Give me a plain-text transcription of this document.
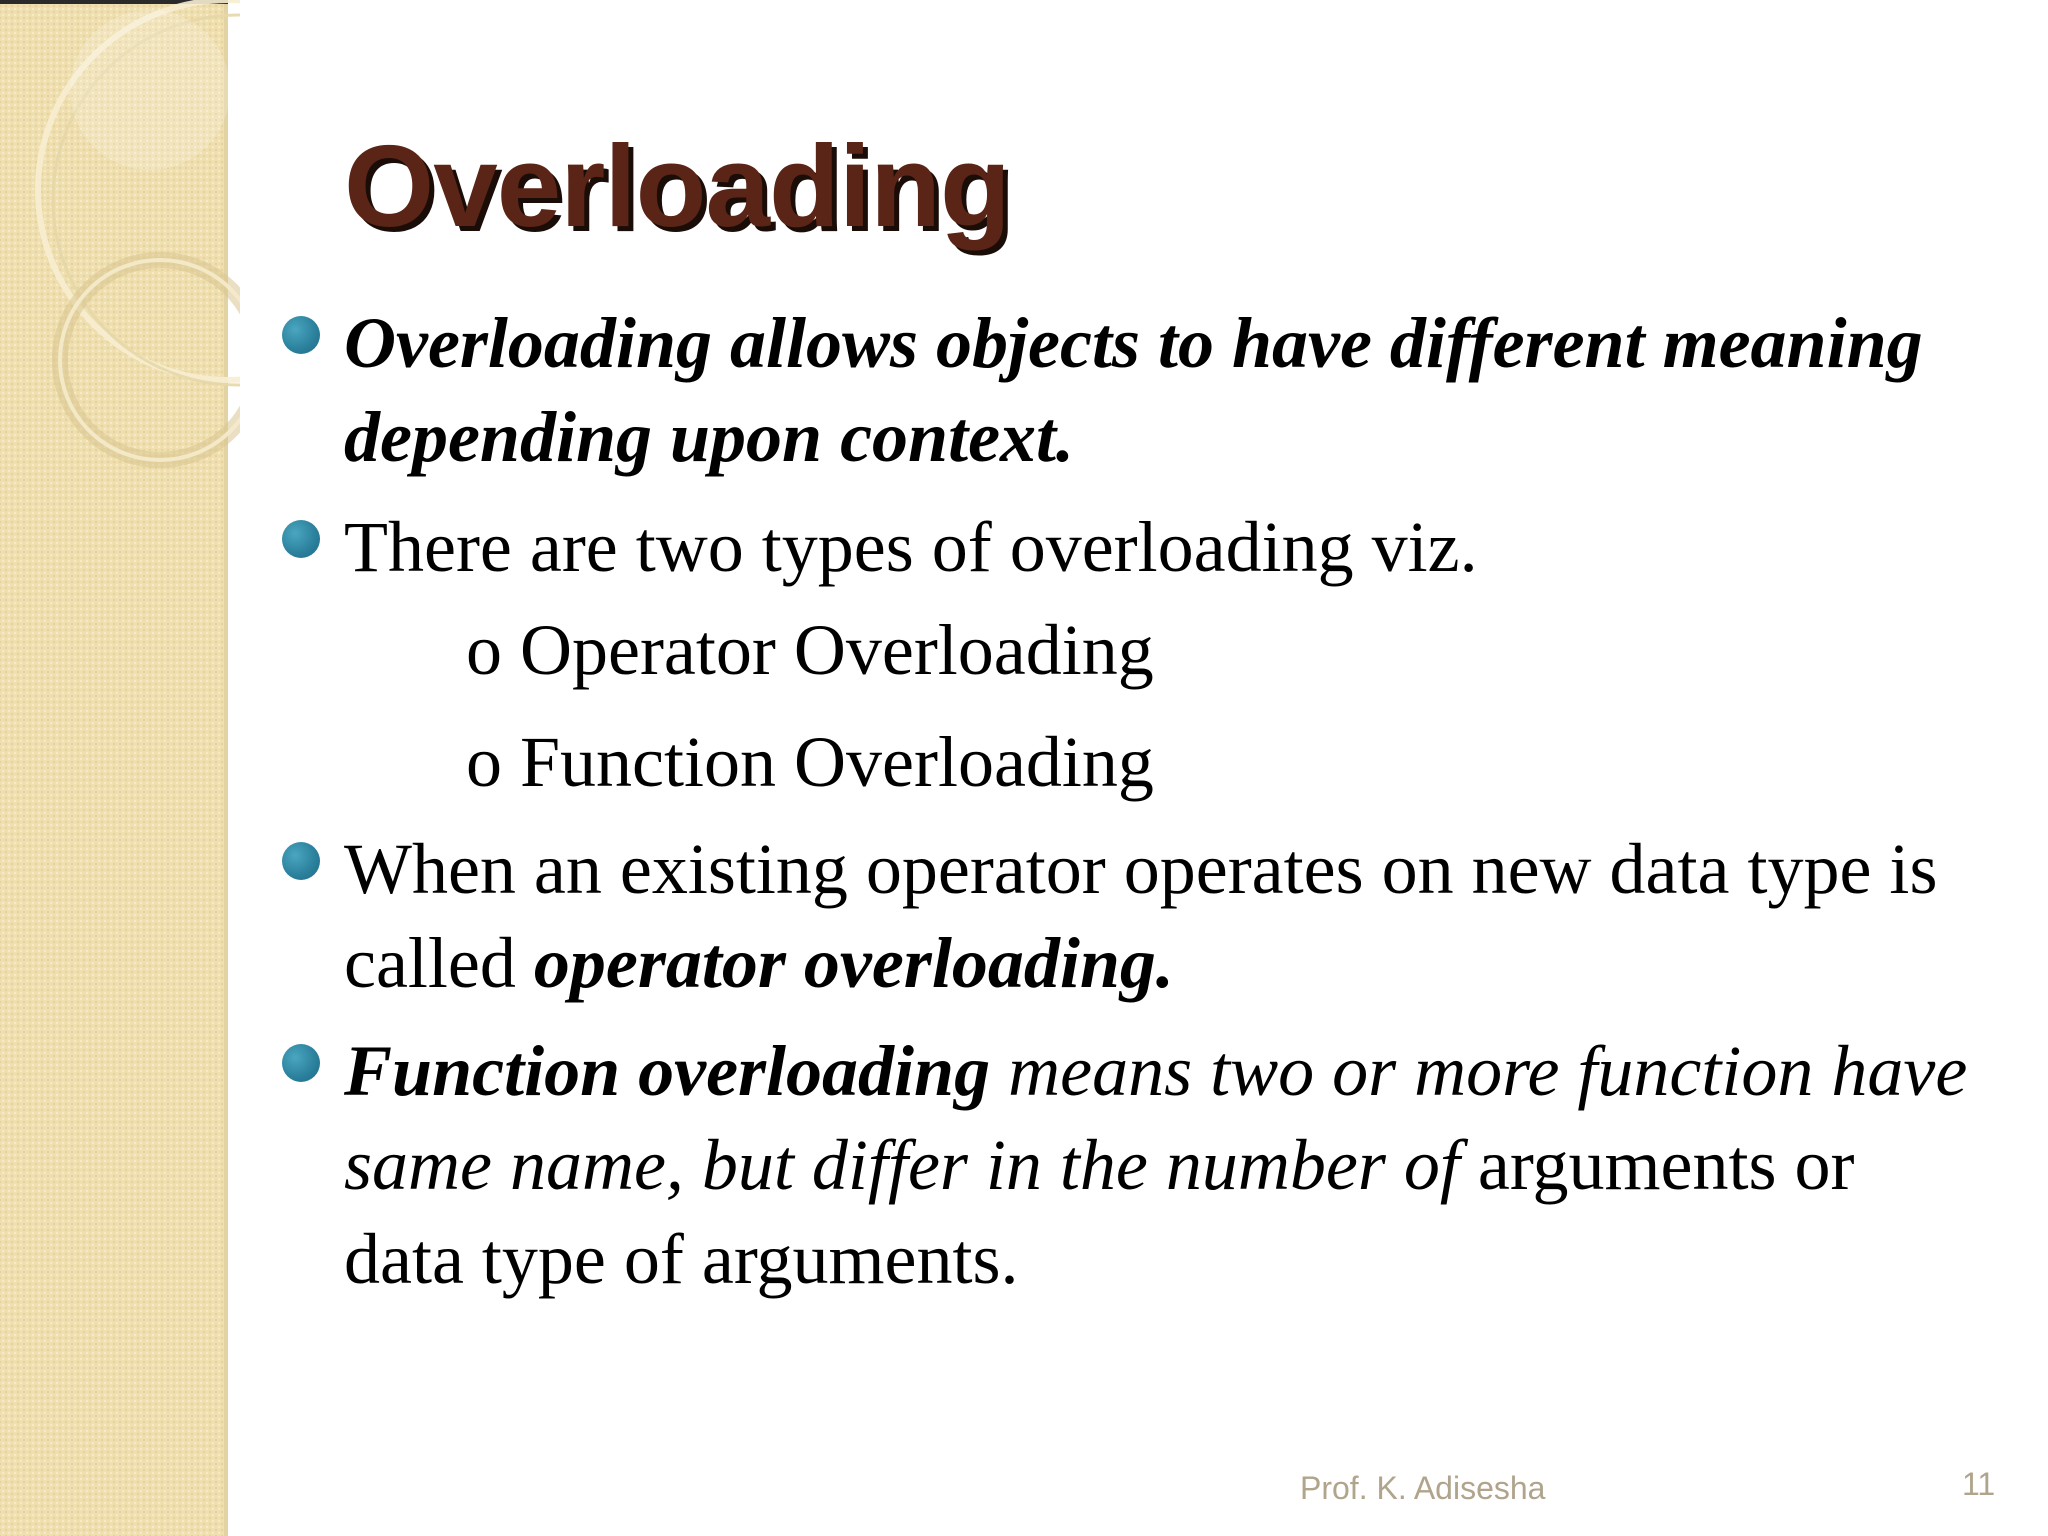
Overloading
Overloading allows objects to have different meaning depending upon context.
There are two types of overloading viz.
o Operator Overloading
o Function Overloading
When an existing operator operates on new data type is called operator overloading.
Function overloading means two or more function have same name, but differ in the number of arguments or data type of arguments.
Prof. K. Adisesha	11
